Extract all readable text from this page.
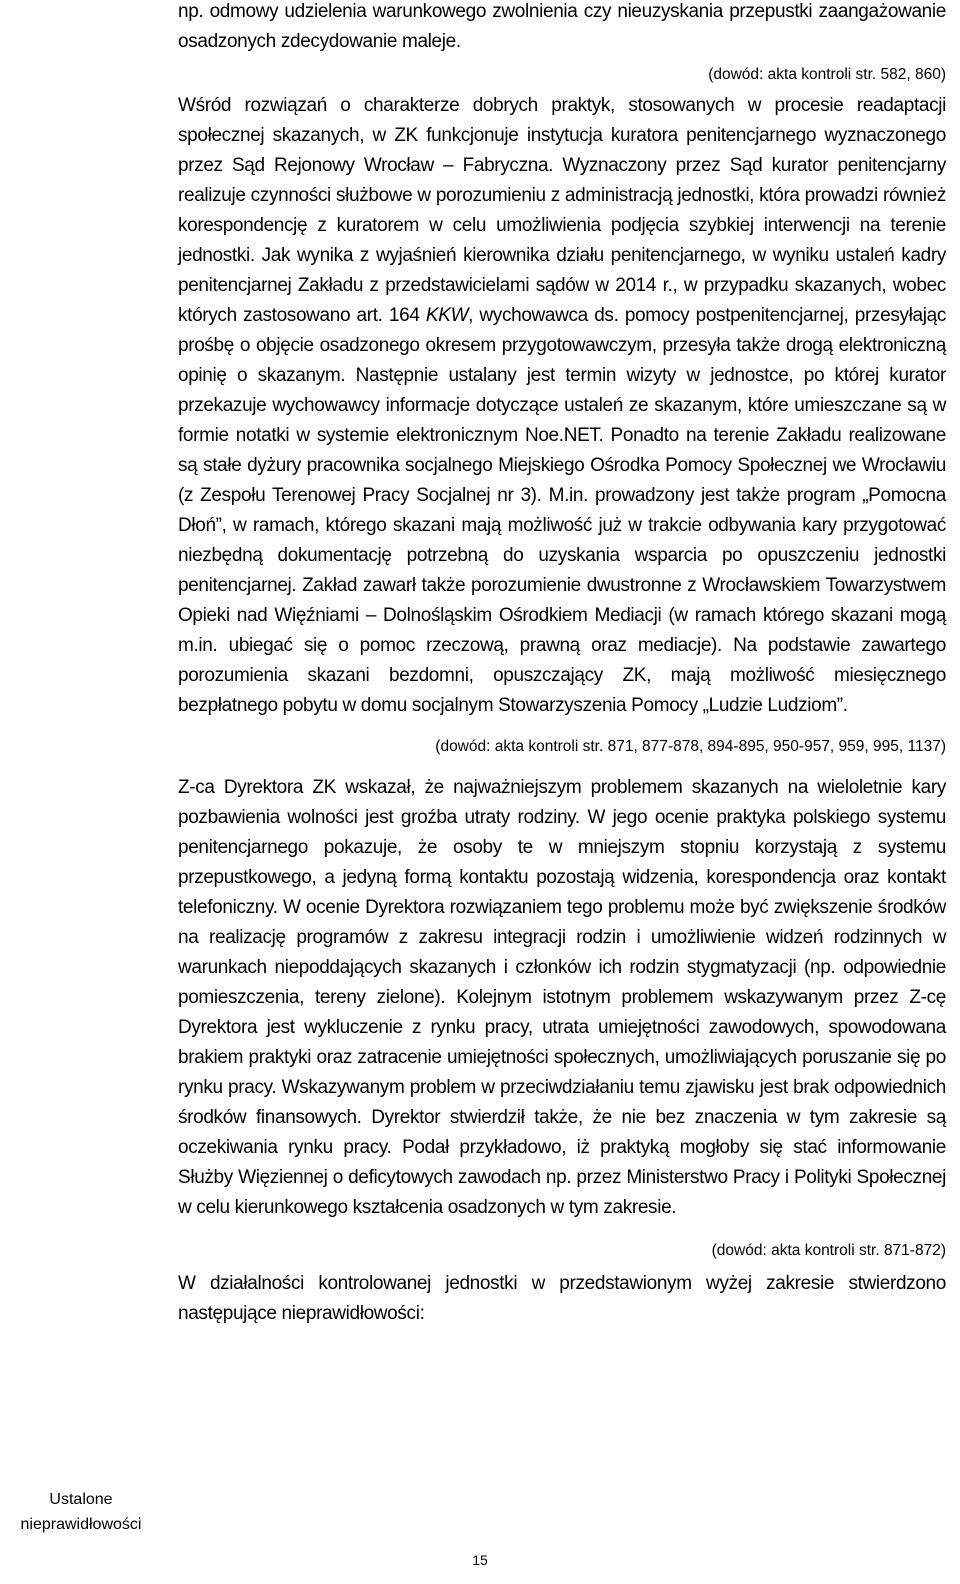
np. odmowy udzielenia warunkowego zwolnienia czy nieuzyskania przepustki zaangażowanie osadzonych zdecydowanie maleje.

(dowód: akta kontroli str. 582, 860)

Wśród rozwiązań o charakterze dobrych praktyk, stosowanych w procesie readaptacji społecznej skazanych, w ZK funkcjonuje instytucja kuratora penitencjarnego wyznaczonego przez Sąd Rejonowy Wrocław – Fabryczna. Wyznaczony przez Sąd kurator penitencjarny realizuje czynności służbowe w porozumieniu z administracją jednostki, która prowadzi również korespondencję z kuratorem w celu umożliwienia podjęcia szybkiej interwencji na terenie jednostki. Jak wynika z wyjaśnień kierownika działu penitencjarnego, w wyniku ustaleń kadry penitencjarnej Zakładu z przedstawicielami sądów w 2014 r., w przypadku skazanych, wobec których zastosowano art. 164 KKW, wychowawca ds. pomocy postpenitencjarnej, przesyłając prośbę o objęcie osadzonego okresem przygotowawczym, przesyła także drogą elektroniczną opinię o skazanym. Następnie ustalany jest termin wizyty w jednostce, po której kurator przekazuje wychowawcy informacje dotyczące ustaleń ze skazanym, które umieszczane są w formie notatki w systemie elektronicznym Noe.NET. Ponadto na terenie Zakładu realizowane są stałe dyżury pracownika socjalnego Miejskiego Ośrodka Pomocy Społecznej we Wrocławiu (z Zespołu Terenowej Pracy Socjalnej nr 3). M.in. prowadzony jest także program „Pomocna Dłoń”, w ramach, którego skazani mają możliwość już w trakcie odbywania kary przygotować niezbędną dokumentację potrzebną do uzyskania wsparcia po opuszczeniu jednostki penitencjarnej. Zakład zawarł także porozumienie dwustronne z Wrocławskiem Towarzystwem Opieki nad Więźniami – Dolnośląskim Ośrodkiem Mediacji (w ramach którego skazani mogą m.in. ubiegać się o pomoc rzeczową, prawną oraz mediacje). Na podstawie zawartego porozumienia skazani bezdomni, opuszczający ZK, mają możliwość miesięcznego bezpłatnego pobytu w domu socjalnym Stowarzyszenia Pomocy „Ludzie Ludziom”.

(dowód: akta kontroli str. 871, 877-878, 894-895, 950-957, 959, 995, 1137)

Z-ca Dyrektora ZK wskazał, że najważniejszym problemem skazanych na wieloletnie kary pozbawienia wolności jest groźba utraty rodziny. W jego ocenie praktyka polskiego systemu penitencjarnego pokazuje, że osoby te w mniejszym stopniu korzystają z systemu przepustkowego, a jedyną formą kontaktu pozostają widzenia, korespondencja oraz kontakt telefoniczny. W ocenie Dyrektora rozwiązaniem tego problemu może być zwiększenie środków na realizację programów z zakresu integracji rodzin i umożliwienie widzeń rodzinnych w warunkach niepoddających skazanych i członków ich rodzin stygmatyzacji (np. odpowiednie pomieszczenia, tereny zielone). Kolejnym istotnym problemem wskazywanym przez Z-cę Dyrektora jest wykluczenie z rynku pracy, utrata umiejętności zawodowych, spowodowana brakiem praktyki oraz zatracenie umiejętności społecznych, umożliwiających poruszanie się po rynku pracy. Wskazywanym problem w przeciwdziałaniu temu zjawisku jest brak odpowiednich środków finansowych. Dyrektor stwierdził także, że nie bez znaczenia w tym zakresie są oczekiwania rynku pracy. Podał przykładowo, iż praktyką mogłoby się stać informowanie Służby Więziennej o deficytowych zawodach np. przez Ministerstwo Pracy i Polityki Społecznej w celu kierunkowego kształcenia osadzonych w tym zakresie.

(dowód: akta kontroli str. 871-872)

W działalności kontrolowanej jednostki w przedstawionym wyżej zakresie stwierdzono następujące nieprawidłowości:

Ustalone nieprawidłowości
15
